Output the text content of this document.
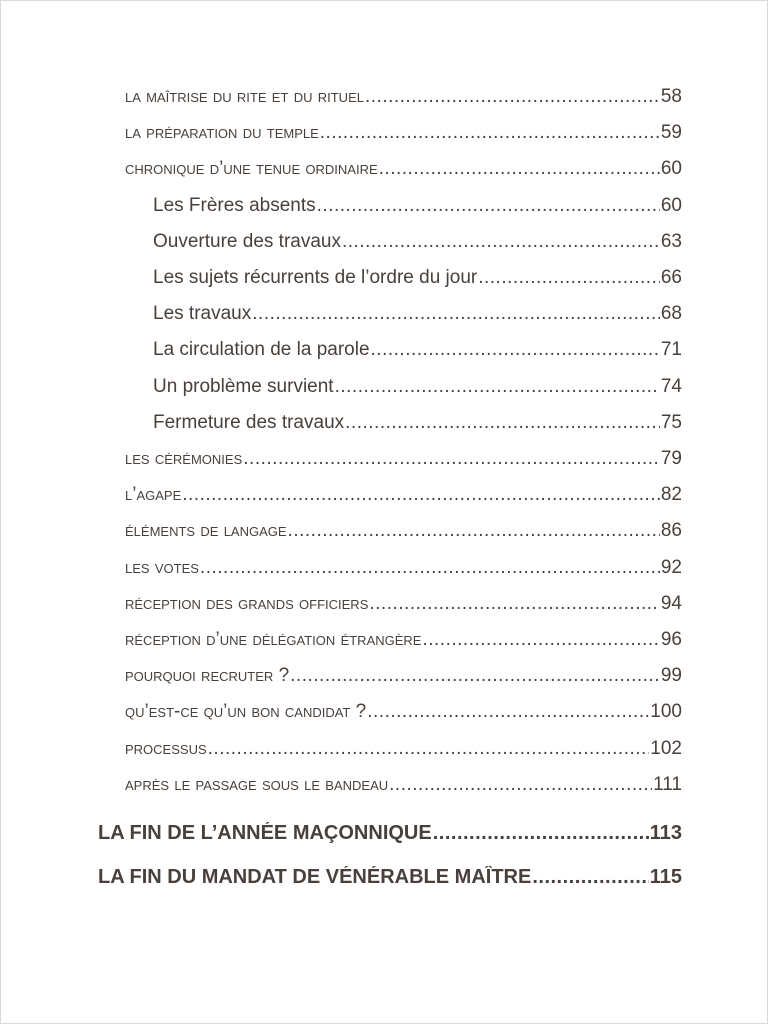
la maîtrise du rite et du rituel .....	58
la préparation du temple .....	59
chronique d’une tenue ordinaire .....	60
Les Frères absents .....	60
Ouverture des travaux .....	63
Les sujets récurrents de l’ordre du jour .....	66
Les travaux .....	68
La circulation de la parole .....	71
Un problème survient .....	74
Fermeture des travaux .....	75
les cérémonies .....	79
l’agape .....	82
éléments de langage .....	86
les votes .....	92
réception des grands officiers .....	94
réception d’une délégation étrangère .....	96
pourquoi recruter ? .....	99
qu’est-ce qu’un bon candidat ? .....	100
processus .....	102
après le passage sous le bandeau .....	111
LA FIN DE L’ANNÉE MAÇONNIQUE .....	113
LA FIN DU MANDAT DE VÉNÉRABLE MAÎTRE .....	115
